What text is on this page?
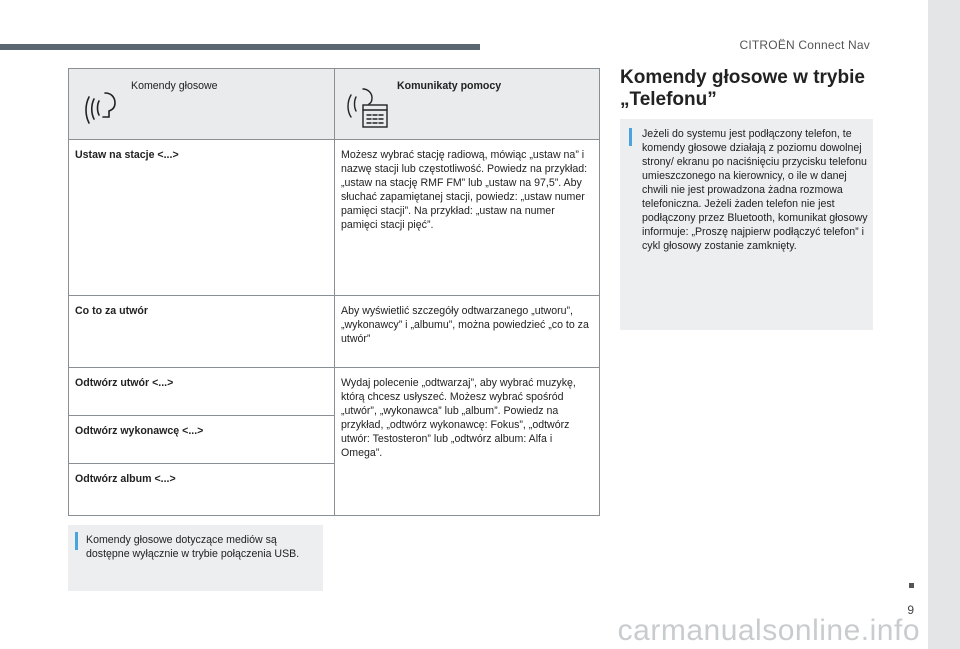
CITROËN Connect Nav
Komendy głosowe	Komunikaty pomocy

Ustaw na stacje <...>	Możesz wybrać stację radiową, mówiąc „ustaw na” i nazwę stacji lub częstotliwość. Powiedz na przykład: „ustaw na stację RMF FM” lub „ustaw na 97,5”. Aby słuchać zapamiętanej stacji, powiedz: „ustaw numer pamięci stacji”. Na przykład: „ustaw na numer pamięci stacji pięć”.
Co to za utwór	Aby wyświetlić szczegóły odtwarzanego „utworu”, „wykonawcy” i „albumu”, można powiedzieć „co to za utwór”
Odtwórz utwór <...>	Wydaj polecenie „odtwarzaj”, aby wybrać muzykę, którą chcesz usłyszeć. Możesz wybrać spośród „utwór”, „wykonawca” lub „album”. Powiedz na przykład, „odtwórz wykonawcę: Fokus”, „odtwórz utwór: Testosteron” lub „odtwórz album: Alfa i Omega”.
Odtwórz wykonawcę <...>	
Odtwórz album <...>	
Komendy głosowe dotyczące mediów są dostępne wyłącznie w trybie połączenia USB.
Komendy głosowe w trybie „Telefonu”
Jeżeli do systemu jest podłączony telefon, te komendy głosowe działają z poziomu dowolnej strony/ ekranu po naciśnięciu przycisku telefonu umieszczonego na kierownicy, o ile w danej chwili nie jest prowadzona żadna rozmowa telefoniczna. Jeżeli żaden telefon nie jest podłączony przez Bluetooth, komunikat głosowy informuje: „Proszę najpierw podłączyć telefon” i cykl głosowy zostanie zamknięty.
9
carmanualsonline.info
